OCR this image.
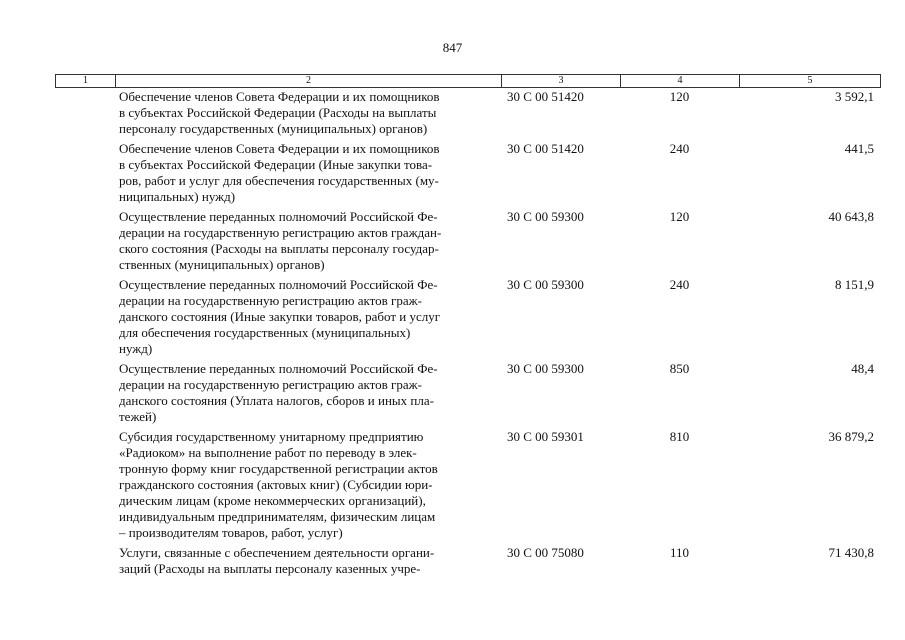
847
1	2	3	4	5
Обеспечение членов Совета Федерации и их помощников
в субъектах Российской Федерации (Расходы на выплаты
персоналу государственных (муниципальных) органов)
30 С 00 51420	120	3 592,1
Обеспечение членов Совета Федерации и их помощников
в субъектах Российской Федерации (Иные закупки това-
ров, работ и услуг для обеспечения государственных (му-
ниципальных) нужд)
30 С 00 51420	240	441,5
Осуществление переданных полномочий Российской Фе-
дерации на государственную регистрацию актов граждан-
ского состояния (Расходы на выплаты персоналу государ-
ственных (муниципальных) органов)
30 С 00 59300	120	40 643,8
Осуществление переданных полномочий Российской Фе-
дерации на государственную регистрацию актов граж-
данского состояния (Иные закупки товаров, работ и услуг
для обеспечения государственных (муниципальных)
нужд)
30 С 00 59300	240	8 151,9
Осуществление переданных полномочий Российской Фе-
дерации на государственную регистрацию актов граж-
данского состояния (Уплата налогов, сборов и иных пла-
тежей)
30 С 00 59300	850	48,4
Субсидия государственному унитарному предприятию
«Радиоком» на выполнение работ по переводу в элек-
тронную форму книг государственной регистрации актов
гражданского состояния (актовых книг) (Субсидии юри-
дическим лицам (кроме некоммерческих организаций),
индивидуальным предпринимателям, физическим лицам
– производителям товаров, работ, услуг)
30 С 00 59301	810	36 879,2
Услуги, связанные с обеспечением деятельности органи-
заций (Расходы на выплаты персоналу казенных учре-
30 С 00 75080	110	71 430,8
